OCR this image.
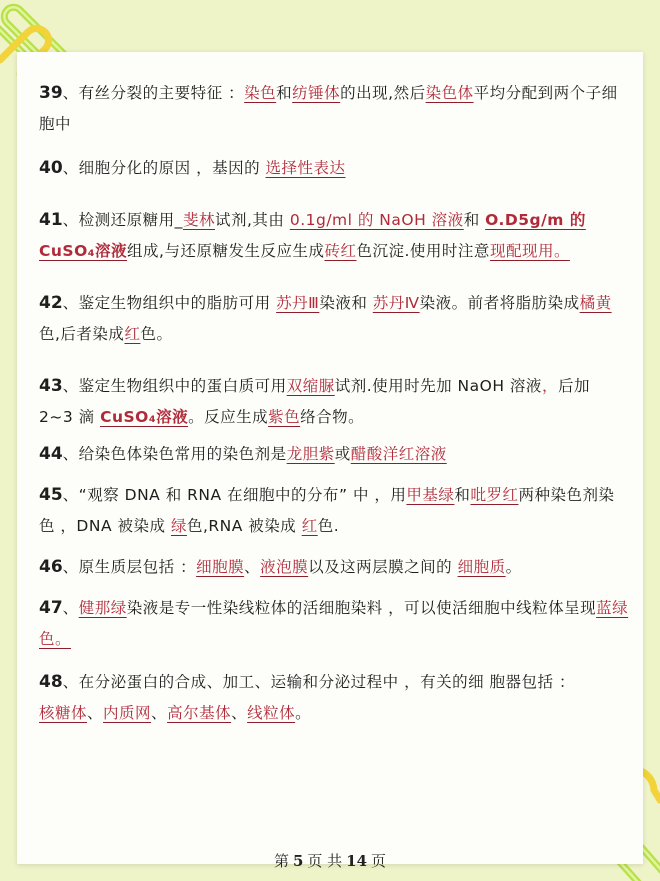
39、有丝分裂的主要特征 ：染色和纺锤体的出现,然后染色体平均分配到两个子细胞中

40、细胞分化的原因 ，基因的 选择性表达

41、检测还原糖用_斐林试剂,其由 0.1g/ml 的 NaOH 溶液和 O.D5g/m 的CuSO₄溶液组成,与还原糖发生反应生成砖红色沉淀.使用时注意现配现用。

42、鉴定生物组织中的脂肪可用 苏丹Ⅲ染液和 苏丹Ⅳ染液。前者将脂肪染成橘黄色,后者染成红色。

43、鉴定生物组织中的蛋白质可用双缩脲试剂.使用时先加 NaOH 溶液，后加 2~3 滴 CuSO₄溶液。反应生成紫色络合物。

44、给染色体染色常用的染色剂是龙胆紫或醋酸洋红溶液

45、“观察 DNA 和 RNA 在细胞中的分布” 中 ，用甲基绿和吡罗红两种染色剂染色 ，DNA 被染成 绿色,RNA 被染成 红色.

46、原生质层包括 ：细胞膜、液泡膜以及这两层膜之间的 细胞质。

47、健那绿染液是专一性染线粒体的活细胞染料 ，可以使活细胞中线粒体呈现蓝绿色。

48、在分泌蛋白的合成、加工、运输和分泌过程中 ，有关的细 胞器包括 ：
核糖体、内质网、高尔基体、线粒体。

第 5 页 共 14 页
